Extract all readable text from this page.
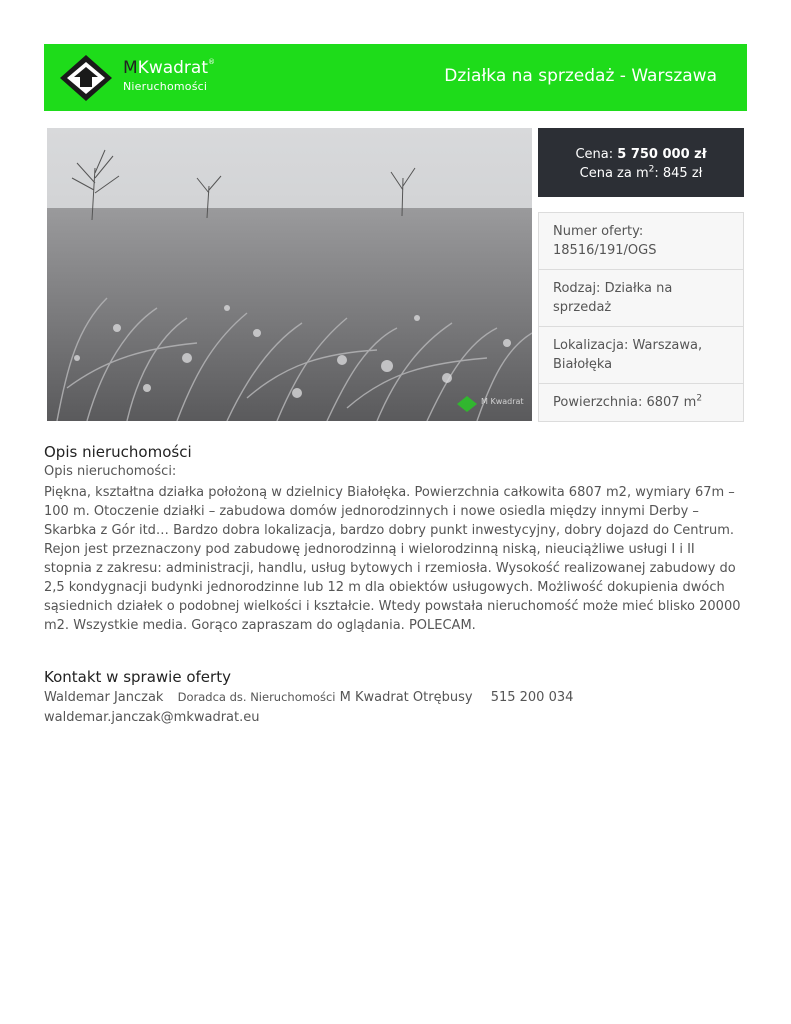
MKwadrat®
Nieruchomości
Działka na sprzedaż - Warszawa
M Kwadrat
Cena: 5 750 000 zł
Cena za $m^2$: 845 zł
Numer oferty: 18516/191/OGS
Rodzaj: Działka na sprzedaż
Lokalizacja: Warszawa, Białołęka
Powierzchnia: 6807 $m^2$
Opis nieruchomości
Opis nieruchomości:
Piękna, kształtna działka położoną w dzielnicy Białołęka. Powierzchnia całkowita 6807 m2, wymiary 67m – 100 m. Otoczenie działki – zabudowa domów jednorodzinnych i nowe osiedla między innymi Derby – Skarbka z Gór itd… Bardzo dobra lokalizacja, bardzo dobry punkt inwestycyjny, dobry dojazd do Centrum. Rejon jest przeznaczony pod zabudowę jednorodzinną i wielorodzinną niską, nieuciążliwe usługi I i II stopnia z zakresu: administracji, handlu, usług bytowych i rzemiosła. Wysokość realizowanej zabudowy do 2,5 kondygnacji budynki jednorodzinne lub 12 m dla obiektów usługowych. Możliwość dokupienia dwóch sąsiednich działek o podobnej wielkości i kształcie. Wtedy powstała nieruchomość może mieć blisko 20000 m2. Wszystkie media. Gorąco zapraszam do oglądania. POLECAM.
Kontakt w sprawie oferty
Waldemar Janczak Doradca ds. Nieruchomości M Kwadrat Otrębusy 515 200 034
waldemar.janczak@mkwadrat.eu
